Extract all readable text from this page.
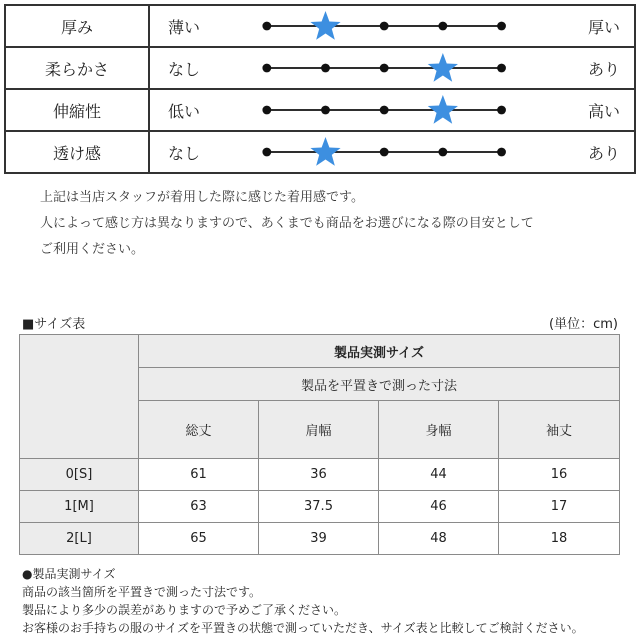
厚み	薄い		厚い
柔らかさ	なし		あり
伸縮性	低い		高い
透け感	なし		あり
上記は当店スタッフが着用した際に感じた着用感です。
人によって感じ方は異なりますので、あくまでも商品をお選びになる際の目安として
ご利用ください。
■サイズ表	(単位：cm)
	製品実測サイズ			
	製品を平置きで測った寸法			
	総丈	肩幅	身幅	袖丈
0[S]	61	36	44	16
1[M]	63	37.5	46	17
2[L]	65	39	48	18
●製品実測サイズ
商品の該当箇所を平置きで測った寸法です。
製品により多少の誤差がありますので予めご了承ください。
お客様のお手持ちの服のサイズを平置きの状態で測っていただき、サイズ表と比較してご検討ください。
